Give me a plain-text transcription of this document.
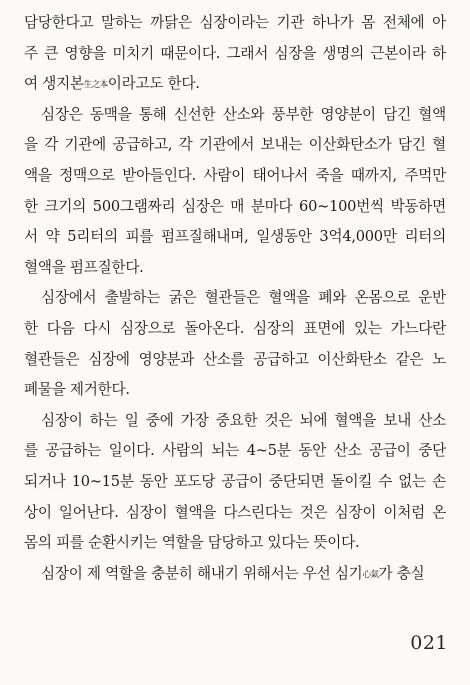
담당한다고 말하는 까닭은 심장이라는 기관 하나가 몸 전체에 아
주 큰 영향을 미치기 때문이다. 그래서 심장을 생명의 근본이라 하
여 생지본生之本이라고도 한다.
심장은 동맥을 통해 신선한 산소와 풍부한 영양분이 담긴 혈액
을 각 기관에 공급하고, 각 기관에서 보내는 이산화탄소가 담긴 혈
액을 정맥으로 받아들인다. 사람이 태어나서 죽을 때까지, 주먹만
한 크기의 500그램짜리 심장은 매 분마다 60~100번씩 박동하면
서 약 5리터의 피를 펌프질해내며, 일생동안 3억4,000만 리터의
혈액을 펌프질한다.
심장에서 출발하는 굵은 혈관들은 혈액을 폐와 온몸으로 운반
한 다음 다시 심장으로 돌아온다. 심장의 표면에 있는 가느다란
혈관들은 심장에 영양분과 산소를 공급하고 이산화탄소 같은 노
폐물을 제거한다.
심장이 하는 일 중에 가장 중요한 것은 뇌에 혈액을 보내 산소
를 공급하는 일이다. 사람의 뇌는 4~5분 동안 산소 공급이 중단
되거나 10~15분 동안 포도당 공급이 중단되면 돌이킬 수 없는 손
상이 일어난다. 심장이 혈액을 다스린다는 것은 심장이 이처럼 온
몸의 피를 순환시키는 역할을 담당하고 있다는 뜻이다.
심장이 제 역할을 충분히 해내기 위해서는 우선 심기心氣가 충실
021
